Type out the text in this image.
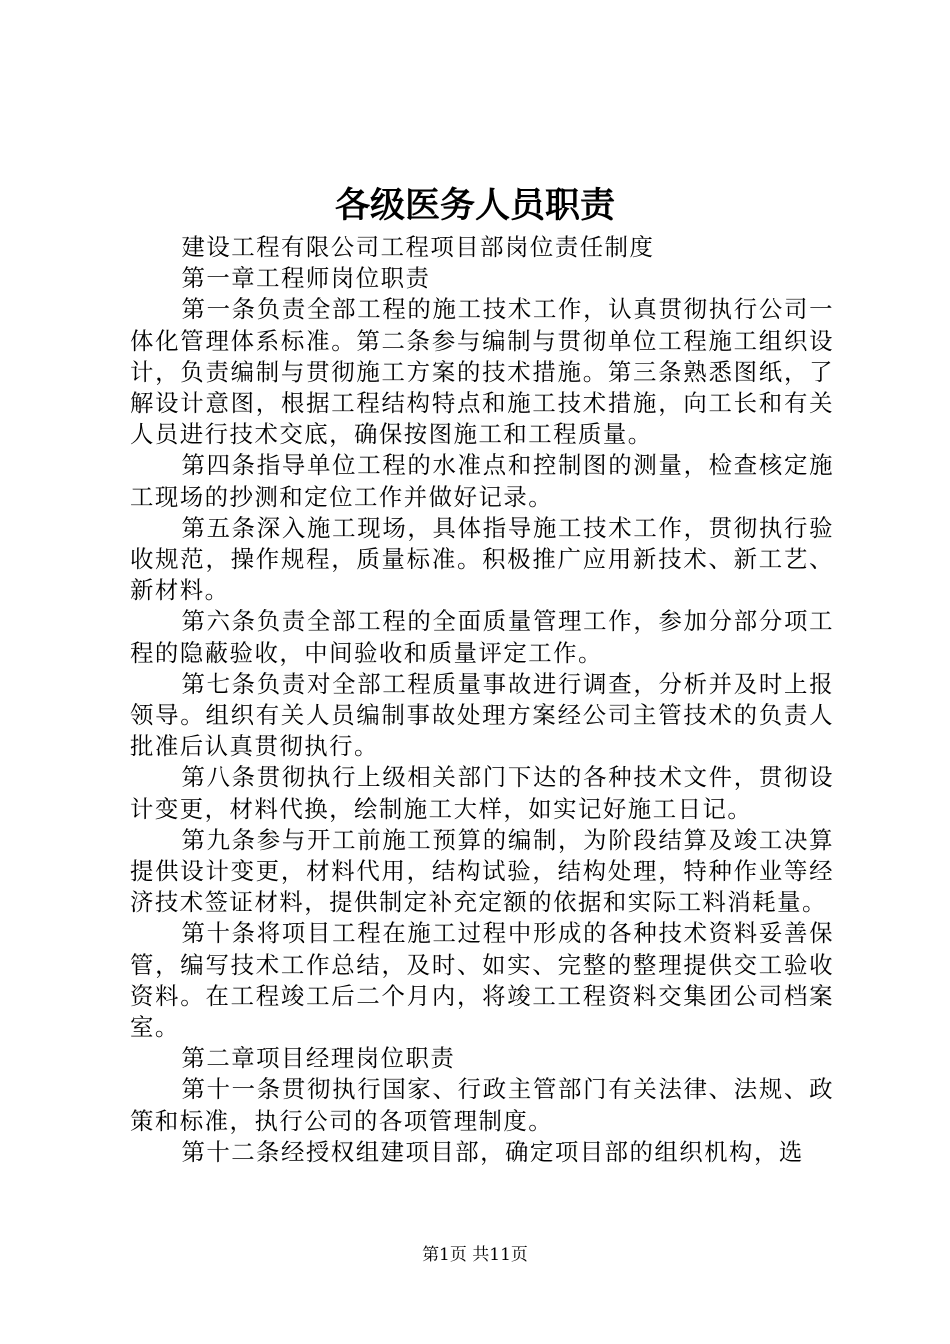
各级医务人员职责

建设工程有限公司工程项目部岗位责任制度

第一章工程师岗位职责

第一条负责全部工程的施工技术工作，认真贯彻执行公司一体化管理体系标准。第二条参与编制与贯彻单位工程施工组织设计，负责编制与贯彻施工方案的技术措施。第三条熟悉图纸，了解设计意图，根据工程结构特点和施工技术措施，向工长和有关人员进行技术交底，确保按图施工和工程质量。

第四条指导单位工程的水准点和控制图的测量，检查核定施工现场的抄测和定位工作并做好记录。

第五条深入施工现场，具体指导施工技术工作，贯彻执行验收规范，操作规程，质量标准。积极推广应用新技术、新工艺、新材料。

第六条负责全部工程的全面质量管理工作，参加分部分项工程的隐蔽验收，中间验收和质量评定工作。

第七条负责对全部工程质量事故进行调查，分析并及时上报领导。组织有关人员编制事故处理方案经公司主管技术的负责人批准后认真贯彻执行。

第八条贯彻执行上级相关部门下达的各种技术文件，贯彻设计变更，材料代换，绘制施工大样，如实记好施工日记。

第九条参与开工前施工预算的编制，为阶段结算及竣工决算提供设计变更，材料代用，结构试验，结构处理，特种作业等经济技术签证材料，提供制定补充定额的依据和实际工料消耗量。

第十条将项目工程在施工过程中形成的各种技术资料妥善保管，编写技术工作总结，及时、如实、完整的整理提供交工验收资料。在工程竣工后二个月内，将竣工工程资料交集团公司档案室。

第二章项目经理岗位职责

第十一条贯彻执行国家、行政主管部门有关法律、法规、政策和标准，执行公司的各项管理制度。

第十二条经授权组建项目部，确定项目部的组织机构，选

第1页 共11页
